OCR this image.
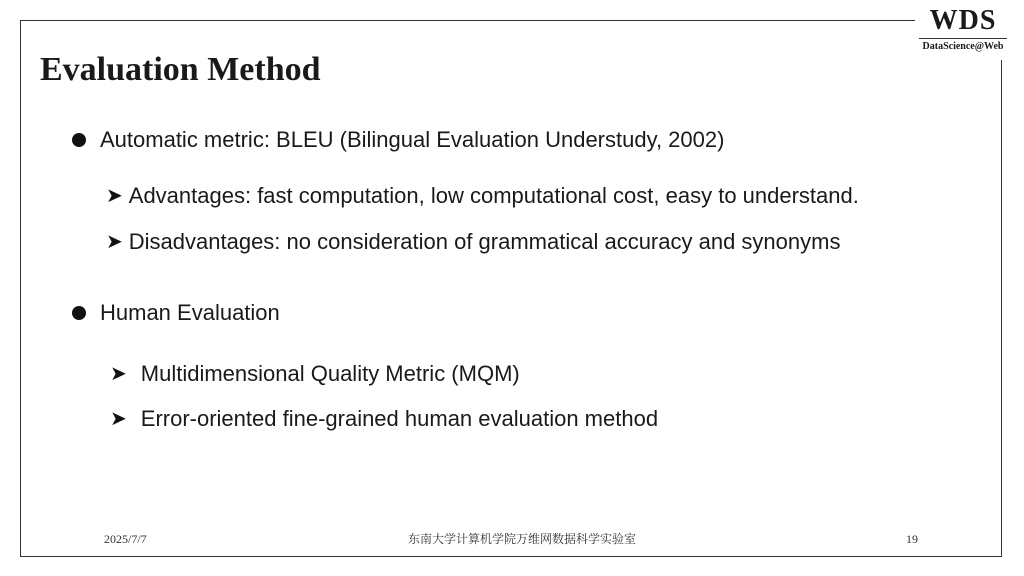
WDS
DataScience@Web
Evaluation Method
Automatic metric: BLEU (Bilingual Evaluation Understudy, 2002)
➤ Advantages: fast computation, low computational cost, easy to understand.
➤ Disadvantages: no consideration of grammatical accuracy and synonyms
Human Evaluation
➤ Multidimensional Quality Metric (MQM)
➤ Error-oriented fine-grained human evaluation method
2025/7/7	东南大学计算机学院万维网数据科学实验室	19
